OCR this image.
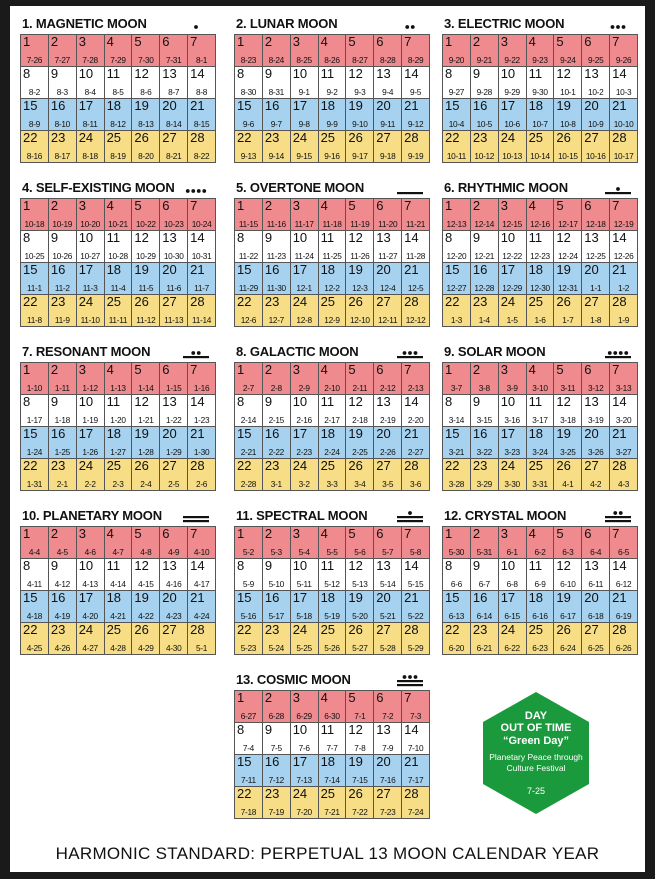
1. MAGNETIC MOON
1
7-26
2
7-27
3
7-28
4
7-29
5
7-30
6
7-31
7
8-1
8
8-2
9
8-3
10
8-4
11
8-5
12
8-6
13
8-7
14
8-8
15
8-9
16
8-10
17
8-11
18
8-12
19
8-13
20
8-14
21
8-15
22
8-16
23
8-17
24
8-18
25
8-19
26
8-20
27
8-21
28
8-22
2. LUNAR MOON
1
8-23
2
8-24
3
8-25
4
8-26
5
8-27
6
8-28
7
8-29
8
8-30
9
8-31
10
9-1
11
9-2
12
9-3
13
9-4
14
9-5
15
9-6
16
9-7
17
9-8
18
9-9
19
9-10
20
9-11
21
9-12
22
9-13
23
9-14
24
9-15
25
9-16
26
9-17
27
9-18
28
9-19
3. ELECTRIC MOON
1
9-20
2
9-21
3
9-22
4
9-23
5
9-24
6
9-25
7
9-26
8
9-27
9
9-28
10
9-29
11
9-30
12
10-1
13
10-2
14
10-3
15
10-4
16
10-5
17
10-6
18
10-7
19
10-8
20
10-9
21
10-10
22
10-11
23
10-12
24
10-13
25
10-14
26
10-15
27
10-16
28
10-17
4. SELF-EXISTING MOON
1
10-18
2
10-19
3
10-20
4
10-21
5
10-22
6
10-23
7
10-24
8
10-25
9
10-26
10
10-27
11
10-28
12
10-29
13
10-30
14
10-31
15
11-1
16
11-2
17
11-3
18
11-4
19
11-5
20
11-6
21
11-7
22
11-8
23
11-9
24
11-10
25
11-11
26
11-12
27
11-13
28
11-14
5. OVERTONE MOON
1
11-15
2
11-16
3
11-17
4
11-18
5
11-19
6
11-20
7
11-21
8
11-22
9
11-23
10
11-24
11
11-25
12
11-26
13
11-27
14
11-28
15
11-29
16
11-30
17
12-1
18
12-2
19
12-3
20
12-4
21
12-5
22
12-6
23
12-7
24
12-8
25
12-9
26
12-10
27
12-11
28
12-12
6. RHYTHMIC MOON
1
12-13
2
12-14
3
12-15
4
12-16
5
12-17
6
12-18
7
12-19
8
12-20
9
12-21
10
12-22
11
12-23
12
12-24
13
12-25
14
12-26
15
12-27
16
12-28
17
12-29
18
12-30
19
12-31
20
1-1
21
1-2
22
1-3
23
1-4
24
1-5
25
1-6
26
1-7
27
1-8
28
1-9
7. RESONANT MOON
1
1-10
2
1-11
3
1-12
4
1-13
5
1-14
6
1-15
7
1-16
8
1-17
9
1-18
10
1-19
11
1-20
12
1-21
13
1-22
14
1-23
15
1-24
16
1-25
17
1-26
18
1-27
19
1-28
20
1-29
21
1-30
22
1-31
23
2-1
24
2-2
25
2-3
26
2-4
27
2-5
28
2-6
8. GALACTIC MOON
1
2-7
2
2-8
3
2-9
4
2-10
5
2-11
6
2-12
7
2-13
8
2-14
9
2-15
10
2-16
11
2-17
12
2-18
13
2-19
14
2-20
15
2-21
16
2-22
17
2-23
18
2-24
19
2-25
20
2-26
21
2-27
22
2-28
23
3-1
24
3-2
25
3-3
26
3-4
27
3-5
28
3-6
9. SOLAR MOON
1
3-7
2
3-8
3
3-9
4
3-10
5
3-11
6
3-12
7
3-13
8
3-14
9
3-15
10
3-16
11
3-17
12
3-18
13
3-19
14
3-20
15
3-21
16
3-22
17
3-23
18
3-24
19
3-25
20
3-26
21
3-27
22
3-28
23
3-29
24
3-30
25
3-31
26
4-1
27
4-2
28
4-3
10. PLANETARY MOON
1
4-4
2
4-5
3
4-6
4
4-7
5
4-8
6
4-9
7
4-10
8
4-11
9
4-12
10
4-13
11
4-14
12
4-15
13
4-16
14
4-17
15
4-18
16
4-19
17
4-20
18
4-21
19
4-22
20
4-23
21
4-24
22
4-25
23
4-26
24
4-27
25
4-28
26
4-29
27
4-30
28
5-1
11. SPECTRAL MOON
1
5-2
2
5-3
3
5-4
4
5-5
5
5-6
6
5-7
7
5-8
8
5-9
9
5-10
10
5-11
11
5-12
12
5-13
13
5-14
14
5-15
15
5-16
16
5-17
17
5-18
18
5-19
19
5-20
20
5-21
21
5-22
22
5-23
23
5-24
24
5-25
25
5-26
26
5-27
27
5-28
28
5-29
12. CRYSTAL MOON
1
5-30
2
5-31
3
6-1
4
6-2
5
6-3
6
6-4
7
6-5
8
6-6
9
6-7
10
6-8
11
6-9
12
6-10
13
6-11
14
6-12
15
6-13
16
6-14
17
6-15
18
6-16
19
6-17
20
6-18
21
6-19
22
6-20
23
6-21
24
6-22
25
6-23
26
6-24
27
6-25
28
6-26
13. COSMIC MOON
1
6-27
2
6-28
3
6-29
4
6-30
5
7-1
6
7-2
7
7-3
8
7-4
9
7-5
10
7-6
11
7-7
12
7-8
13
7-9
14
7-10
15
7-11
16
7-12
17
7-13
18
7-14
19
7-15
20
7-16
21
7-17
22
7-18
23
7-19
24
7-20
25
7-21
26
7-22
27
7-23
28
7-24
DAY
OUT OF TIME
“Green Day”
Planetary Peace through
Culture Festival
7-25
HARMONIC STANDARD: PERPETUAL 13 MOON CALENDAR YEAR
